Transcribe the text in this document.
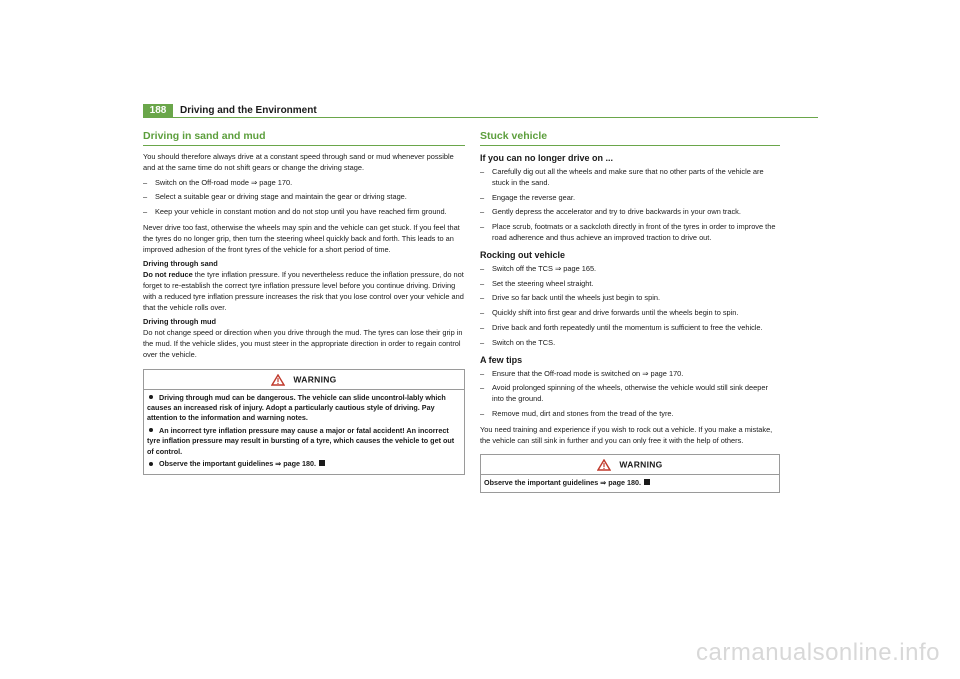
188	Driving and the Environment
Driving in sand and mud

You should therefore always drive at a constant speed through sand or mud whenever possible and at the same time do not shift gears or change the driving stage.

– Switch on the Off-road mode ⇒ page 170.
– Select a suitable gear or driving stage and maintain the gear or driving stage.
– Keep your vehicle in constant motion and do not stop until you have reached firm ground.

Never drive too fast, otherwise the wheels may spin and the vehicle can get stuck. If you feel that the tyres do no longer grip, then turn the steering wheel quickly back and forth. This leads to an improved adhesion of the front tyres of the vehicle for a short period of time.

Driving through sand

Do not reduce the tyre inflation pressure. If you nevertheless reduce the inflation pressure, do not forget to re-establish the correct tyre inflation pressure level before you continue driving. Driving with a reduced tyre inflation pressure increases the risk that you lose control over your vehicle and that the vehicle rolls over.

Driving through mud

Do not change speed or direction when you drive through the mud. The tyres can lose their grip in the mud. If the vehicle slides, you must steer in the appropriate direction in order to regain control over the vehicle.

WARNING
Driving through mud can be dangerous. The vehicle can slide uncontrol-lably which causes an increased risk of injury. Adopt a particularly cautious style of driving. Pay attention to the information and warning notes.
An incorrect tyre inflation pressure may cause a major or fatal accident! An incorrect tyre inflation pressure may result in bursting of a tyre, which causes the vehicle to get out of control.
Observe the important guidelines ⇒ page 180.
Stuck vehicle
If you can no longer drive on ...
– Carefully dig out all the wheels and make sure that no other parts of the vehicle are stuck in the sand.
– Engage the reverse gear.
– Gently depress the accelerator and try to drive backwards in your own track.
– Place scrub, footmats or a sackcloth directly in front of the tyres in order to improve the road adherence and thus achieve an improved traction to drive out.
Rocking out vehicle
– Switch off the TCS ⇒ page 165.
– Set the steering wheel straight.
– Drive so far back until the wheels just begin to spin.
– Quickly shift into first gear and drive forwards until the wheels begin to spin.
– Drive back and forth repeatedly until the momentum is sufficient to free the vehicle.
– Switch on the TCS.
A few tips
– Ensure that the Off-road mode is switched on ⇒ page 170.
– Avoid prolonged spinning of the wheels, otherwise the vehicle would still sink deeper into the ground.
– Remove mud, dirt and stones from the tread of the tyre.

You need training and experience if you wish to rock out a vehicle. If you make a mistake, the vehicle can still sink in further and you can only free it with the help of others.

WARNING
Observe the important guidelines ⇒ page 180.
carmanualsonline.info
